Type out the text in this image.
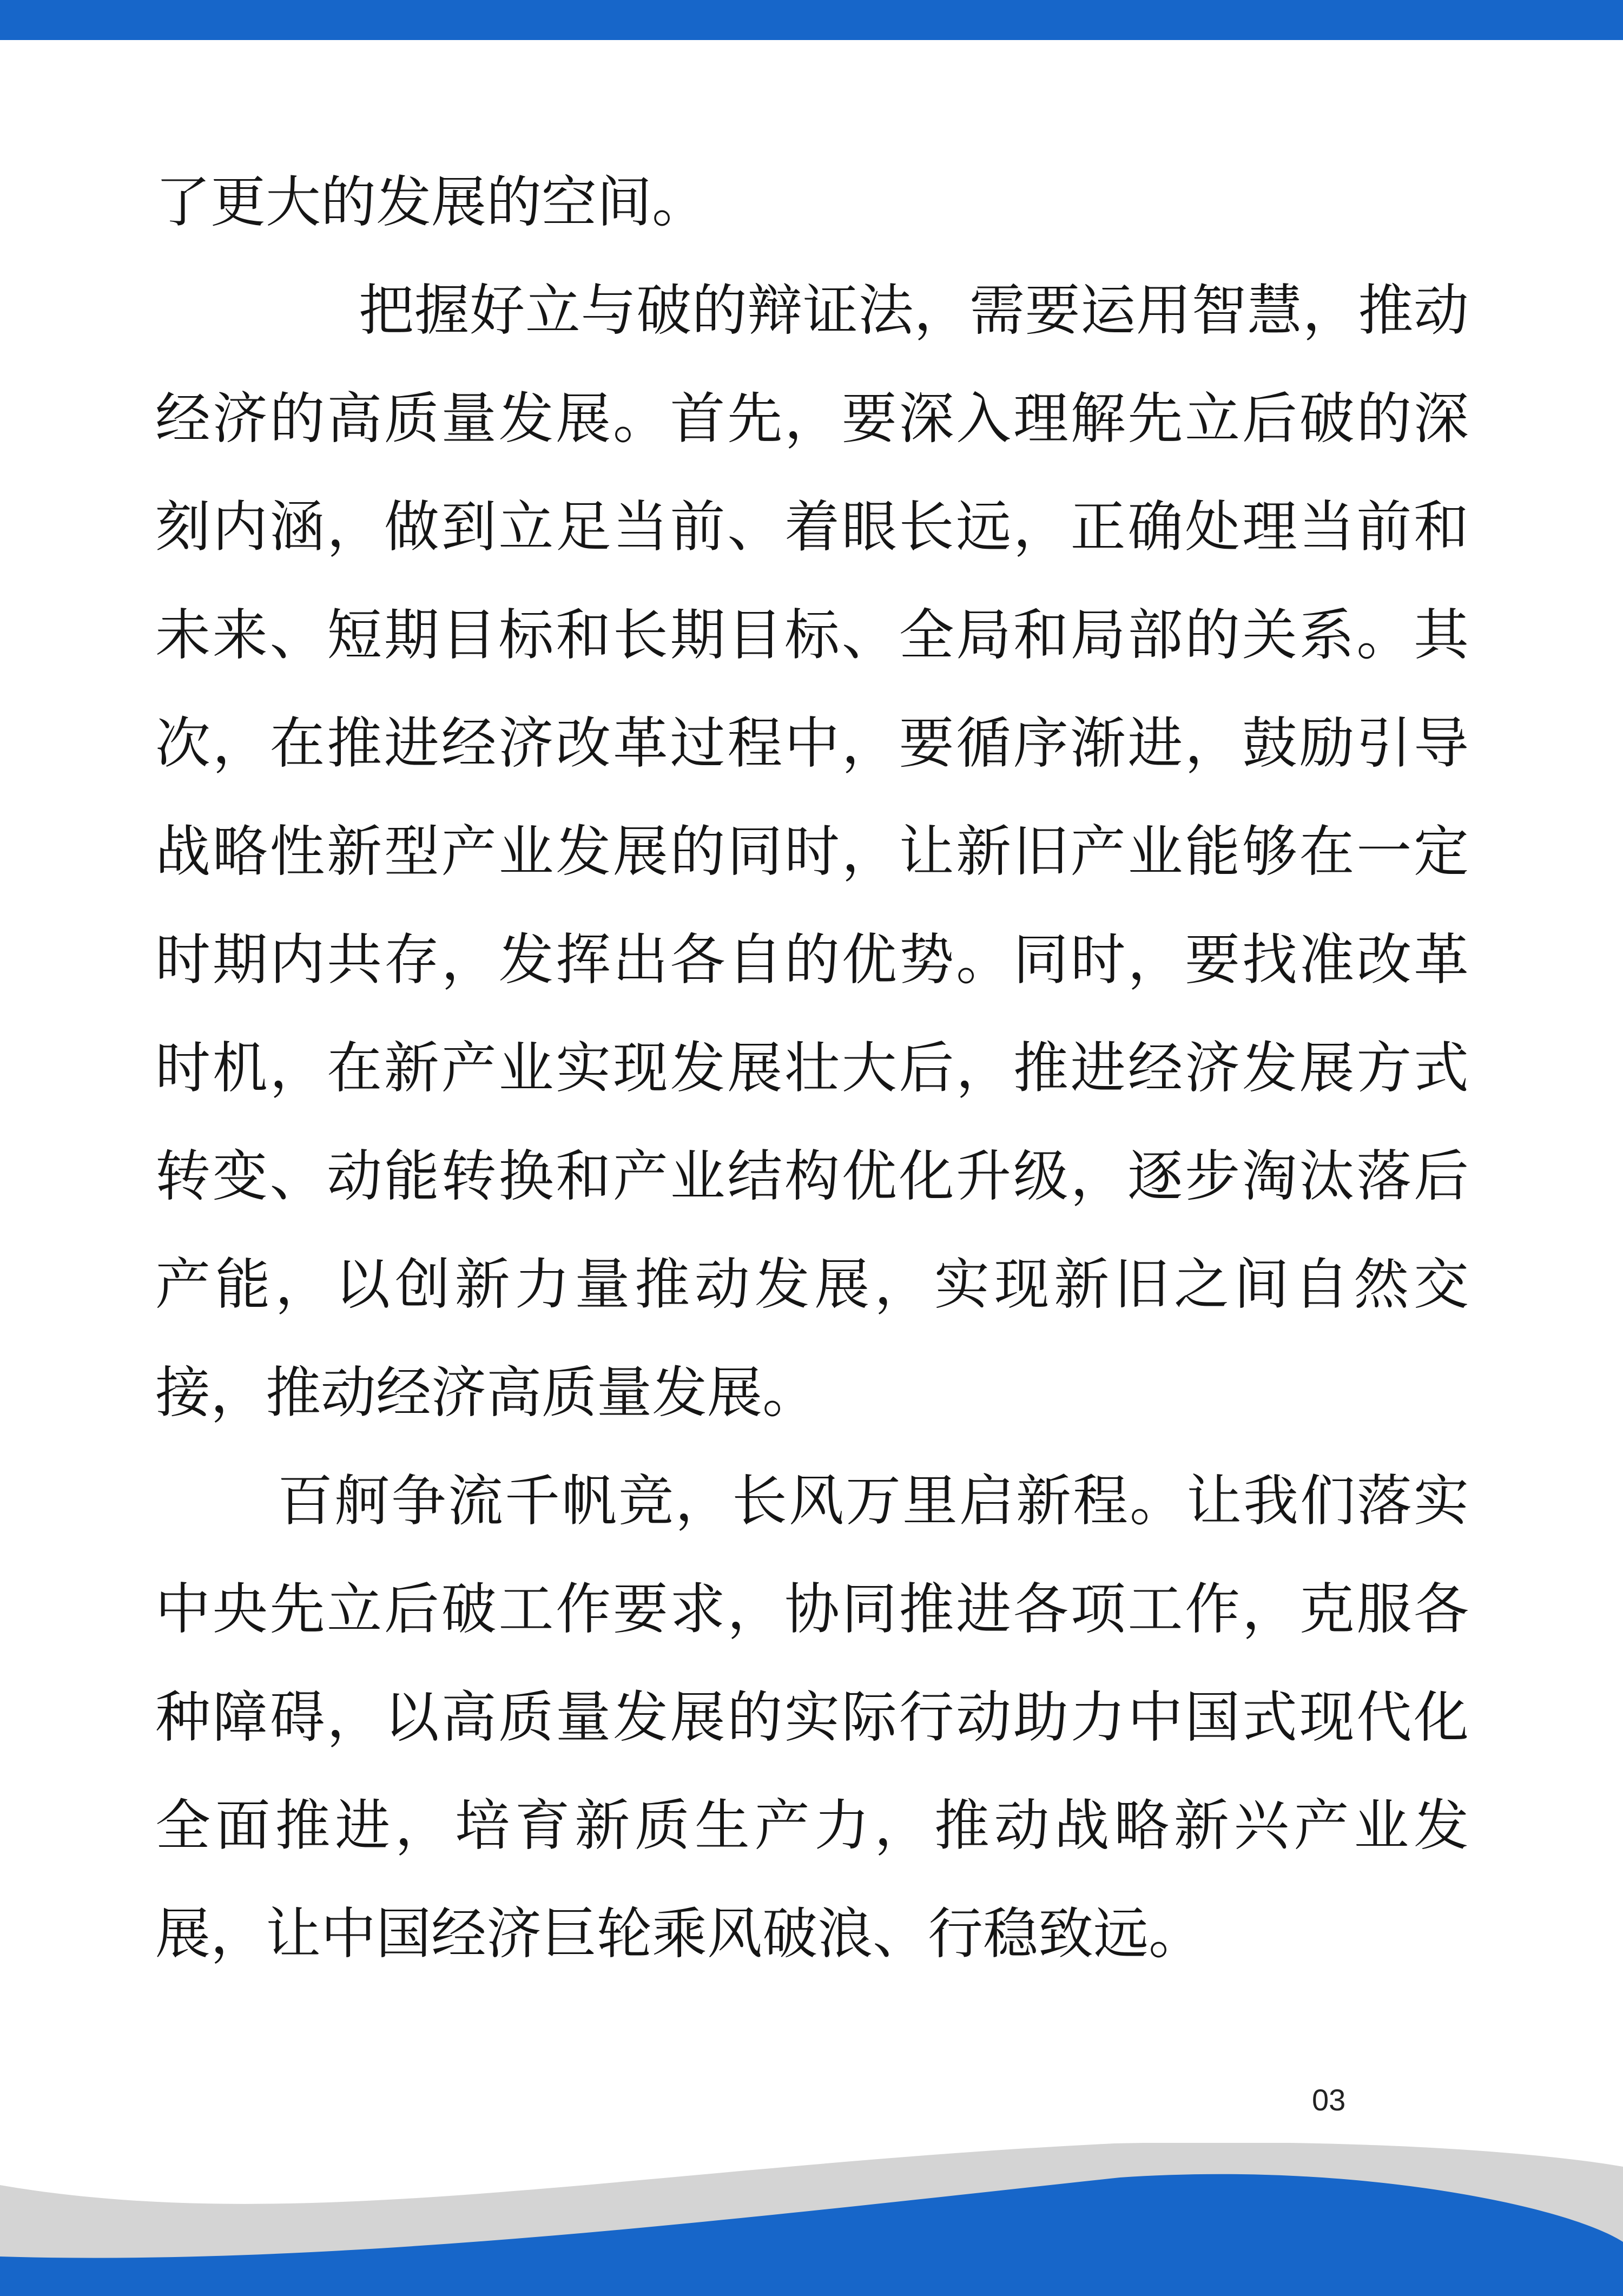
了更大的发展的空间。

把握好立与破的辩证法，需要运用智慧，推动经济的高质量发展。首先，要深入理解先立后破的深刻内涵，做到立足当前、着眼长远，正确处理当前和未来、短期目标和长期目标、全局和局部的关系。其次，在推进经济改革过程中，要循序渐进，鼓励引导战略性新型产业发展的同时，让新旧产业能够在一定时期内共存，发挥出各自的优势。同时，要找准改革时机，在新产业实现发展壮大后，推进经济发展方式转变、动能转换和产业结构优化升级，逐步淘汰落后产能，以创新力量推动发展，实现新旧之间自然交接，推动经济高质量发展。

百舸争流千帆竞，长风万里启新程。让我们落实中央先立后破工作要求，协同推进各项工作，克服各种障碍，以高质量发展的实际行动助力中国式现代化全面推进，培育新质生产力，推动战略新兴产业发展，让中国经济巨轮乘风破浪、行稳致远。

03
